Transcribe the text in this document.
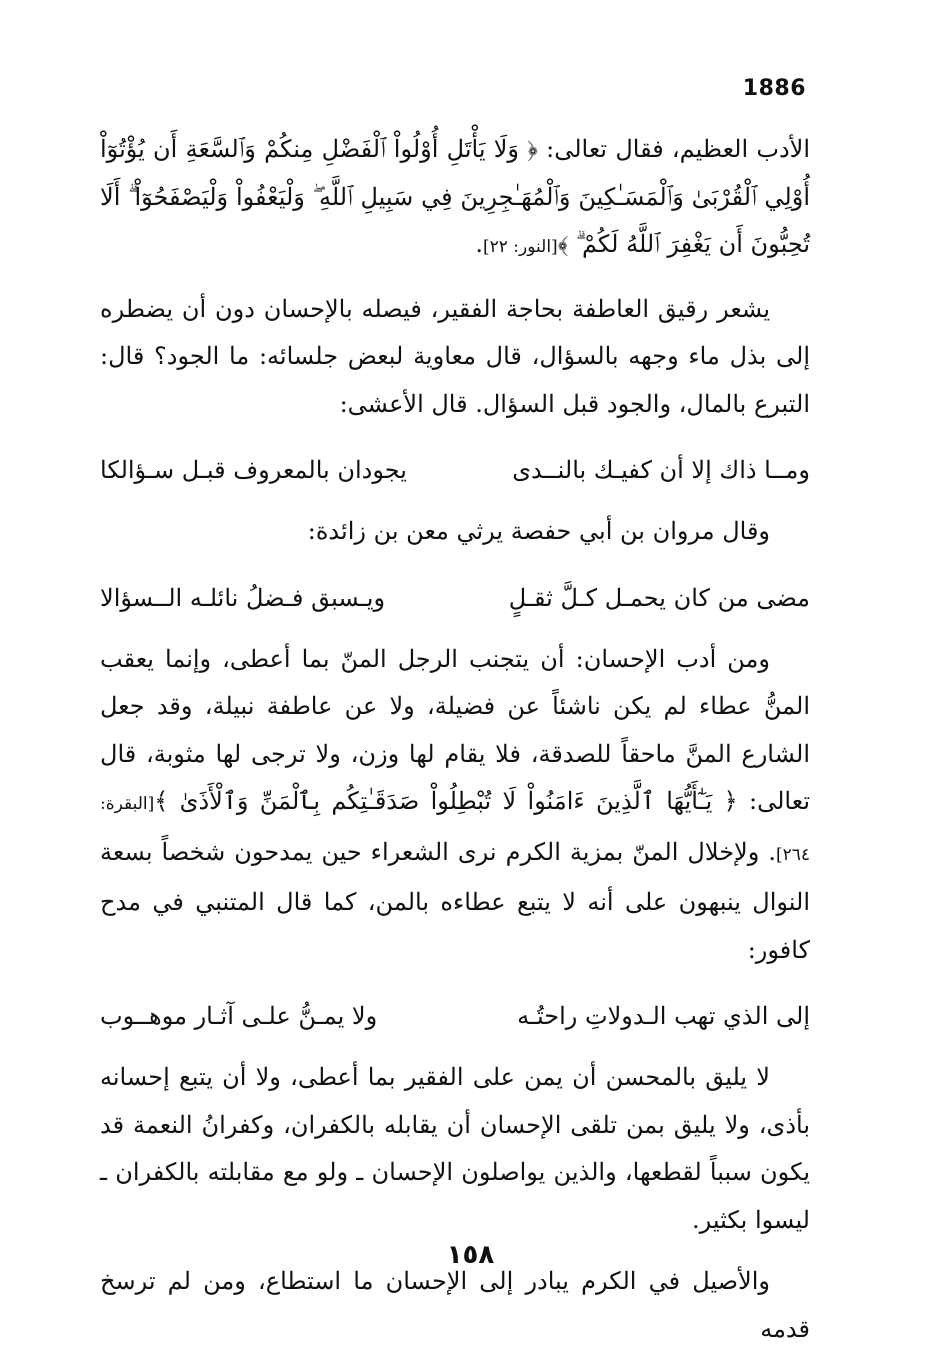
1886

الأدب العظيم، فقال تعالى: ﴿ وَلَا يَأْتَلِ أُوْلُواْ ٱلْفَضْلِ مِنكُمْ وَٱلسَّعَةِ أَن يُؤْتُوٓاْ أُوْلِي ٱلْقُرْبَىٰ وَٱلْمَسَـٰكِينَ وَٱلْمُهَـٰجِرِينَ فِي سَبِيلِ ٱللَّهِ ۖ وَلْيَعْفُواْ وَلْيَصْفَحُوٓاْ ۗ أَلَا تُحِبُّونَ أَن يَغْفِرَ ٱللَّهُ لَكُمْ ۗ ﴾[النور: ٢٢].

يشعر رقيق العاطفة بحاجة الفقير، فيصله بالإحسان دون أن يضطره إلى بذل ماء وجهه بالسؤال، قال معاوية لبعض جلسائه: ما الجود؟ قال: التبرع بالمال، والجود قبل السؤال. قال الأعشى:

ومــا ذاك إلا أن كفيـك بالنــدى
يجودان بالمعروف قبـل سـؤالكا

وقال مروان بن أبي حفصة يرثي معن بن زائدة:

مضى من كان يحمـل كـلَّ ثقـلٍ
ويـسبق فـضلُ نائلـه الــسؤالا

ومن أدب الإحسان: أن يتجنب الرجل المنّ بما أعطى، وإنما يعقب المنُّ عطاء لم يكن ناشئاً عن فضيلة، ولا عن عاطفة نبيلة، وقد جعل الشارع المنَّ ماحقاً للصدقة، فلا يقام لها وزن، ولا ترجى لها مثوبة، قال تعالى: ﴿ يَـٰٓأَيُّهَا ٱلَّذِينَ ءَامَنُواْ لَا تُبْطِلُواْ صَدَقَـٰتِكُم بِٱلْمَنِّ وَٱلْأَذَىٰ ﴾[البقرة: ٢٦٤]. ولإخلال المنّ بمزية الكرم نرى الشعراء حين يمدحون شخصاً بسعة النوال ينبهون على أنه لا يتبع عطاءه بالمن، كما قال المتنبي في مدح كافور:

إلى الذي تهب الـدولاتِ راحتُـه
ولا يمـنُّ علـى آثـار موهــوب

لا يليق بالمحسن أن يمن على الفقير بما أعطى، ولا أن يتبع إحسانه بأذى، ولا يليق بمن تلقى الإحسان أن يقابله بالكفران، وكفرانُ النعمة قد يكون سبباً لقطعها، والذين يواصلون الإحسان ـ ولو مع مقابلته بالكفران ـ ليسوا بكثير.

والأصيل في الكرم يبادر إلى الإحسان ما استطاع، ومن لم ترسخ قدمه

١٥٨
